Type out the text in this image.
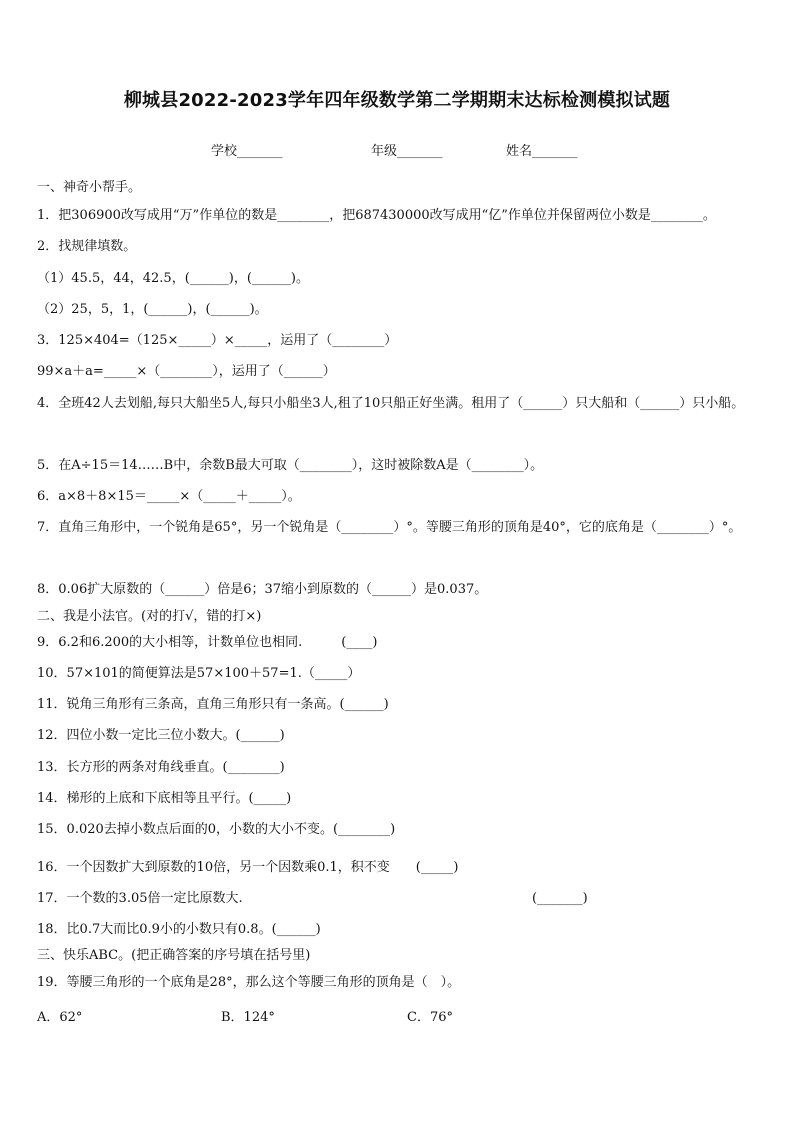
柳城县2022-2023学年四年级数学第二学期期末达标检测模拟试题
学校_______	年级_______	姓名_______
一、神奇小帮手。
1．把306900改写成用“万”作单位的数是________，把687430000改写成用“亿”作单位并保留两位小数是________。
2．找规律填数。
（1）45.5，44，42.5，(______)，(______)。
（2）25，5，1，(______)，(______)。
3．125×404=（125×_____）×_____，运用了（________）
99×a＋a=_____×（________），运用了（______）
4．全班42人去划船,每只大船坐5人,每只小船坐3人,租了10只船正好坐满。租用了（______）只大船和（______）只小船。
5．在A÷15＝14……B中，余数B最大可取（________），这时被除数A是（________）。
6．a×8＋8×15＝_____×（_____＋_____）。
7．直角三角形中，一个锐角是65°，另一个锐角是（________）°。等腰三角形的顶角是40°，它的底角是（________）°。
8．0.06扩大原数的（______）倍是6；37缩小到原数的（______）是0.037。
二、我是小法官。(对的打√，错的打×)
9．6.2和6.200的大小相等，计数单位也相同.　　　(____)
10．57×101的简便算法是57×100＋57=1.（_____）
11．锐角三角形有三条高，直角三角形只有一条高。(______)
12．四位小数一定比三位小数大。(______)
13．长方形的两条对角线垂直。(________)
14．梯形的上底和下底相等且平行。(_____)
15．0.020去掉小数点后面的0，小数的大小不变。(________)
16．一个因数扩大到原数的10倍，另一个因数乘0.1，积不变　　(_____)
17．一个数的3.05倍一定比原数大.	(_______)
18．比0.7大而比0.9小的小数只有0.8。(______)
三、快乐ABC。(把正确答案的序号填在括号里)
19．等腰三角形的一个底角是28°，那么这个等腰三角形的顶角是（　）。
A．62°	B．124°	C．76°
